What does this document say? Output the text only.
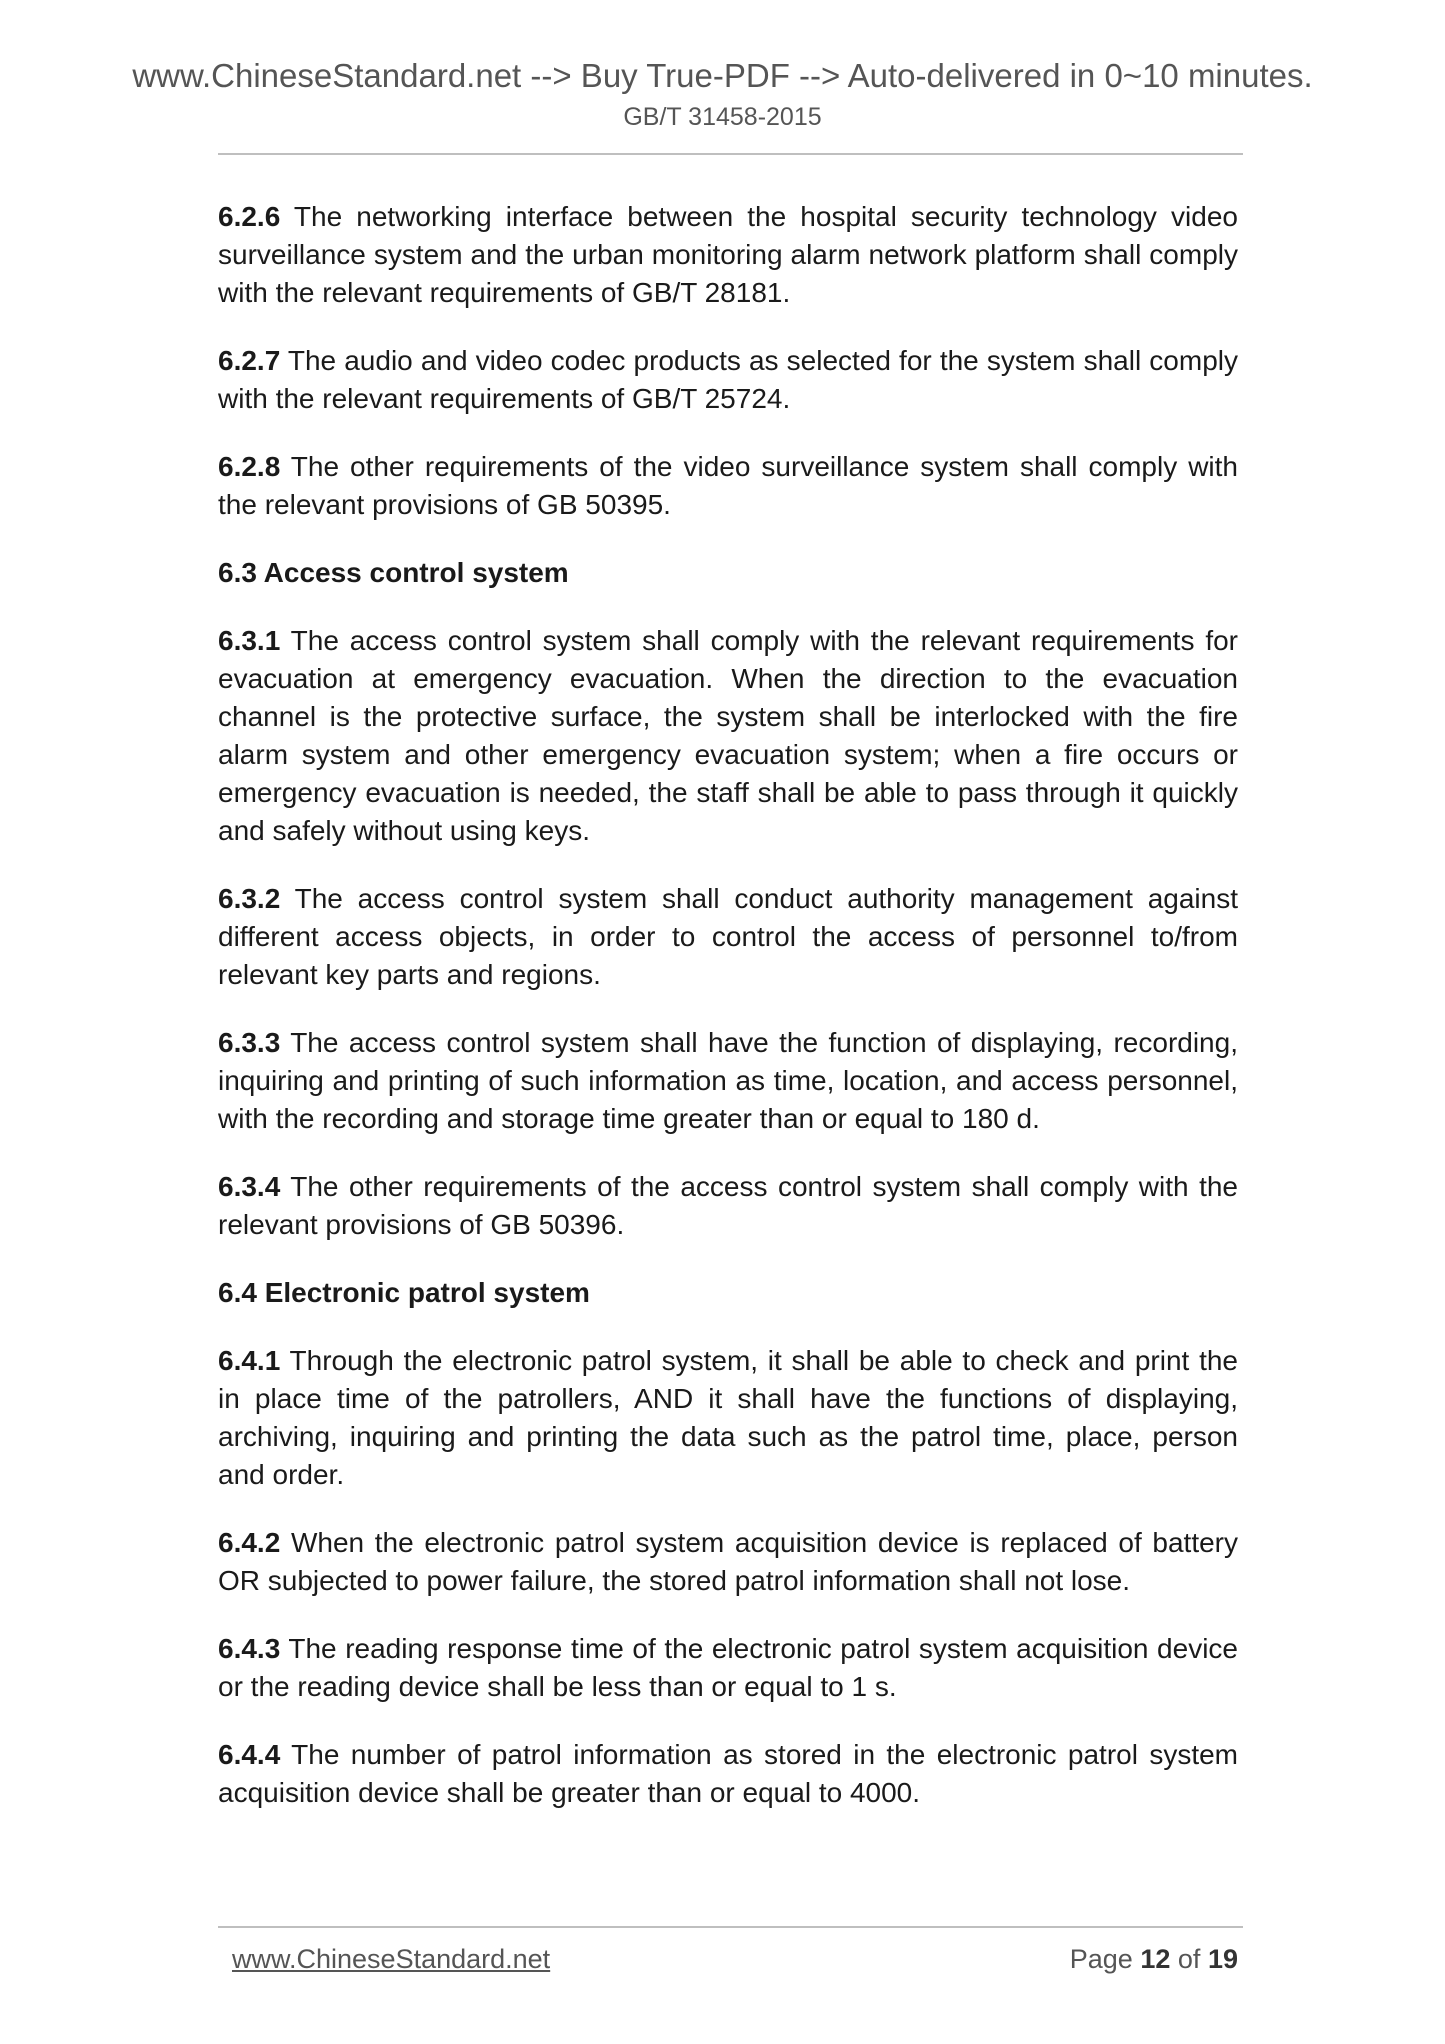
www.ChineseStandard.net --> Buy True-PDF --> Auto-delivered in 0~10 minutes.
GB/T 31458-2015

6.2.6 The networking interface between the hospital security technology video surveillance system and the urban monitoring alarm network platform shall comply with the relevant requirements of GB/T 28181.

6.2.7 The audio and video codec products as selected for the system shall comply with the relevant requirements of GB/T 25724.

6.2.8 The other requirements of the video surveillance system shall comply with the relevant provisions of GB 50395.

6.3 Access control system

6.3.1 The access control system shall comply with the relevant requirements for evacuation at emergency evacuation. When the direction to the evacuation channel is the protective surface, the system shall be interlocked with the fire alarm system and other emergency evacuation system; when a fire occurs or emergency evacuation is needed, the staff shall be able to pass through it quickly and safely without using keys.

6.3.2 The access control system shall conduct authority management against different access objects, in order to control the access of personnel to/from relevant key parts and regions.

6.3.3 The access control system shall have the function of displaying, recording, inquiring and printing of such information as time, location, and access personnel, with the recording and storage time greater than or equal to 180 d.

6.3.4 The other requirements of the access control system shall comply with the relevant provisions of GB 50396.

6.4 Electronic patrol system

6.4.1 Through the electronic patrol system, it shall be able to check and print the in place time of the patrollers, AND it shall have the functions of displaying, archiving, inquiring and printing the data such as the patrol time, place, person and order.

6.4.2 When the electronic patrol system acquisition device is replaced of battery OR subjected to power failure, the stored patrol information shall not lose.

6.4.3 The reading response time of the electronic patrol system acquisition device or the reading device shall be less than or equal to 1 s.

6.4.4 The number of patrol information as stored in the electronic patrol system acquisition device shall be greater than or equal to 4000.

www.ChineseStandard.net	Page 12 of 19
